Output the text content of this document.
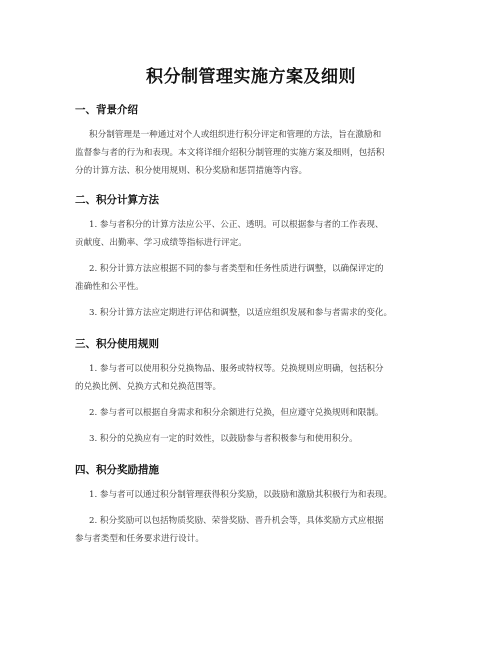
积分制管理实施方案及细则
一、背景介绍
积分制管理是一种通过对个人或组织进行积分评定和管理的方法，旨在激励和
监督参与者的行为和表现。本文将详细介绍积分制管理的实施方案及细则，包括积
分的计算方法、积分使用规则、积分奖励和惩罚措施等内容。
二、积分计算方法
1. 参与者积分的计算方法应公平、公正、透明。可以根据参与者的工作表现、
贡献度、出勤率、学习成绩等指标进行评定。
2. 积分计算方法应根据不同的参与者类型和任务性质进行调整，以确保评定的
准确性和公平性。
3. 积分计算方法应定期进行评估和调整，以适应组织发展和参与者需求的变化。
三、积分使用规则
1. 参与者可以使用积分兑换物品、服务或特权等。兑换规则应明确，包括积分
的兑换比例、兑换方式和兑换范围等。
2. 参与者可以根据自身需求和积分余额进行兑换，但应遵守兑换规则和限制。
3. 积分的兑换应有一定的时效性，以鼓励参与者积极参与和使用积分。
四、积分奖励措施
1. 参与者可以通过积分制管理获得积分奖励，以鼓励和激励其积极行为和表现。
2. 积分奖励可以包括物质奖励、荣誉奖励、晋升机会等，具体奖励方式应根据
参与者类型和任务要求进行设计。
